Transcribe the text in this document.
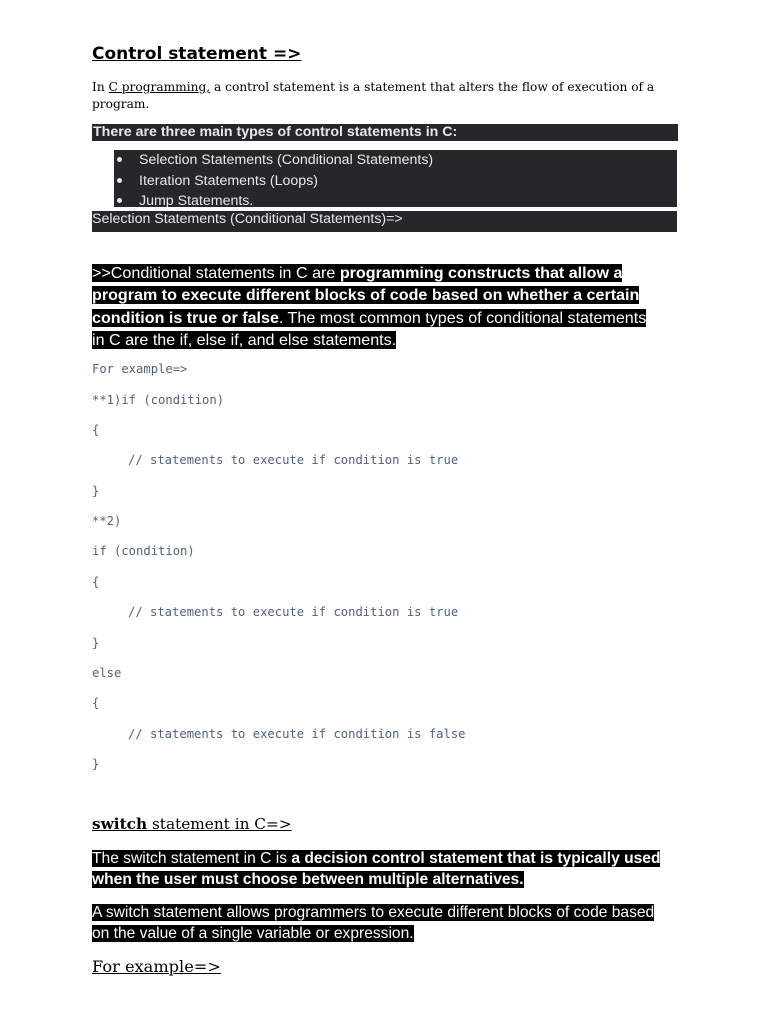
Control statement =>
In C programming, a control statement is a statement that alters the flow of execution of a program.
There are three main types of control statements in C:
Selection Statements (Conditional Statements)
Iteration Statements (Loops)
Jump Statements.
Selection Statements (Conditional Statements)=>

>>Conditional statements in C are programming constructs that allow a program to execute different blocks of code based on whether a certain condition is true or false. The most common types of conditional statements in C are the if, else if, and else statements.

For example=>
**1)if (condition)
{
// statements to execute if condition is true
}
**2)
if (condition)
{
// statements to execute if condition is true
}
else
{
// statements to execute if condition is false
}
switch statement in C=>

The switch statement in C is a decision control statement that is typically used when the user must choose between multiple alternatives.

A switch statement allows programmers to execute different blocks of code based on the value of a single variable or expression.

For example=>
